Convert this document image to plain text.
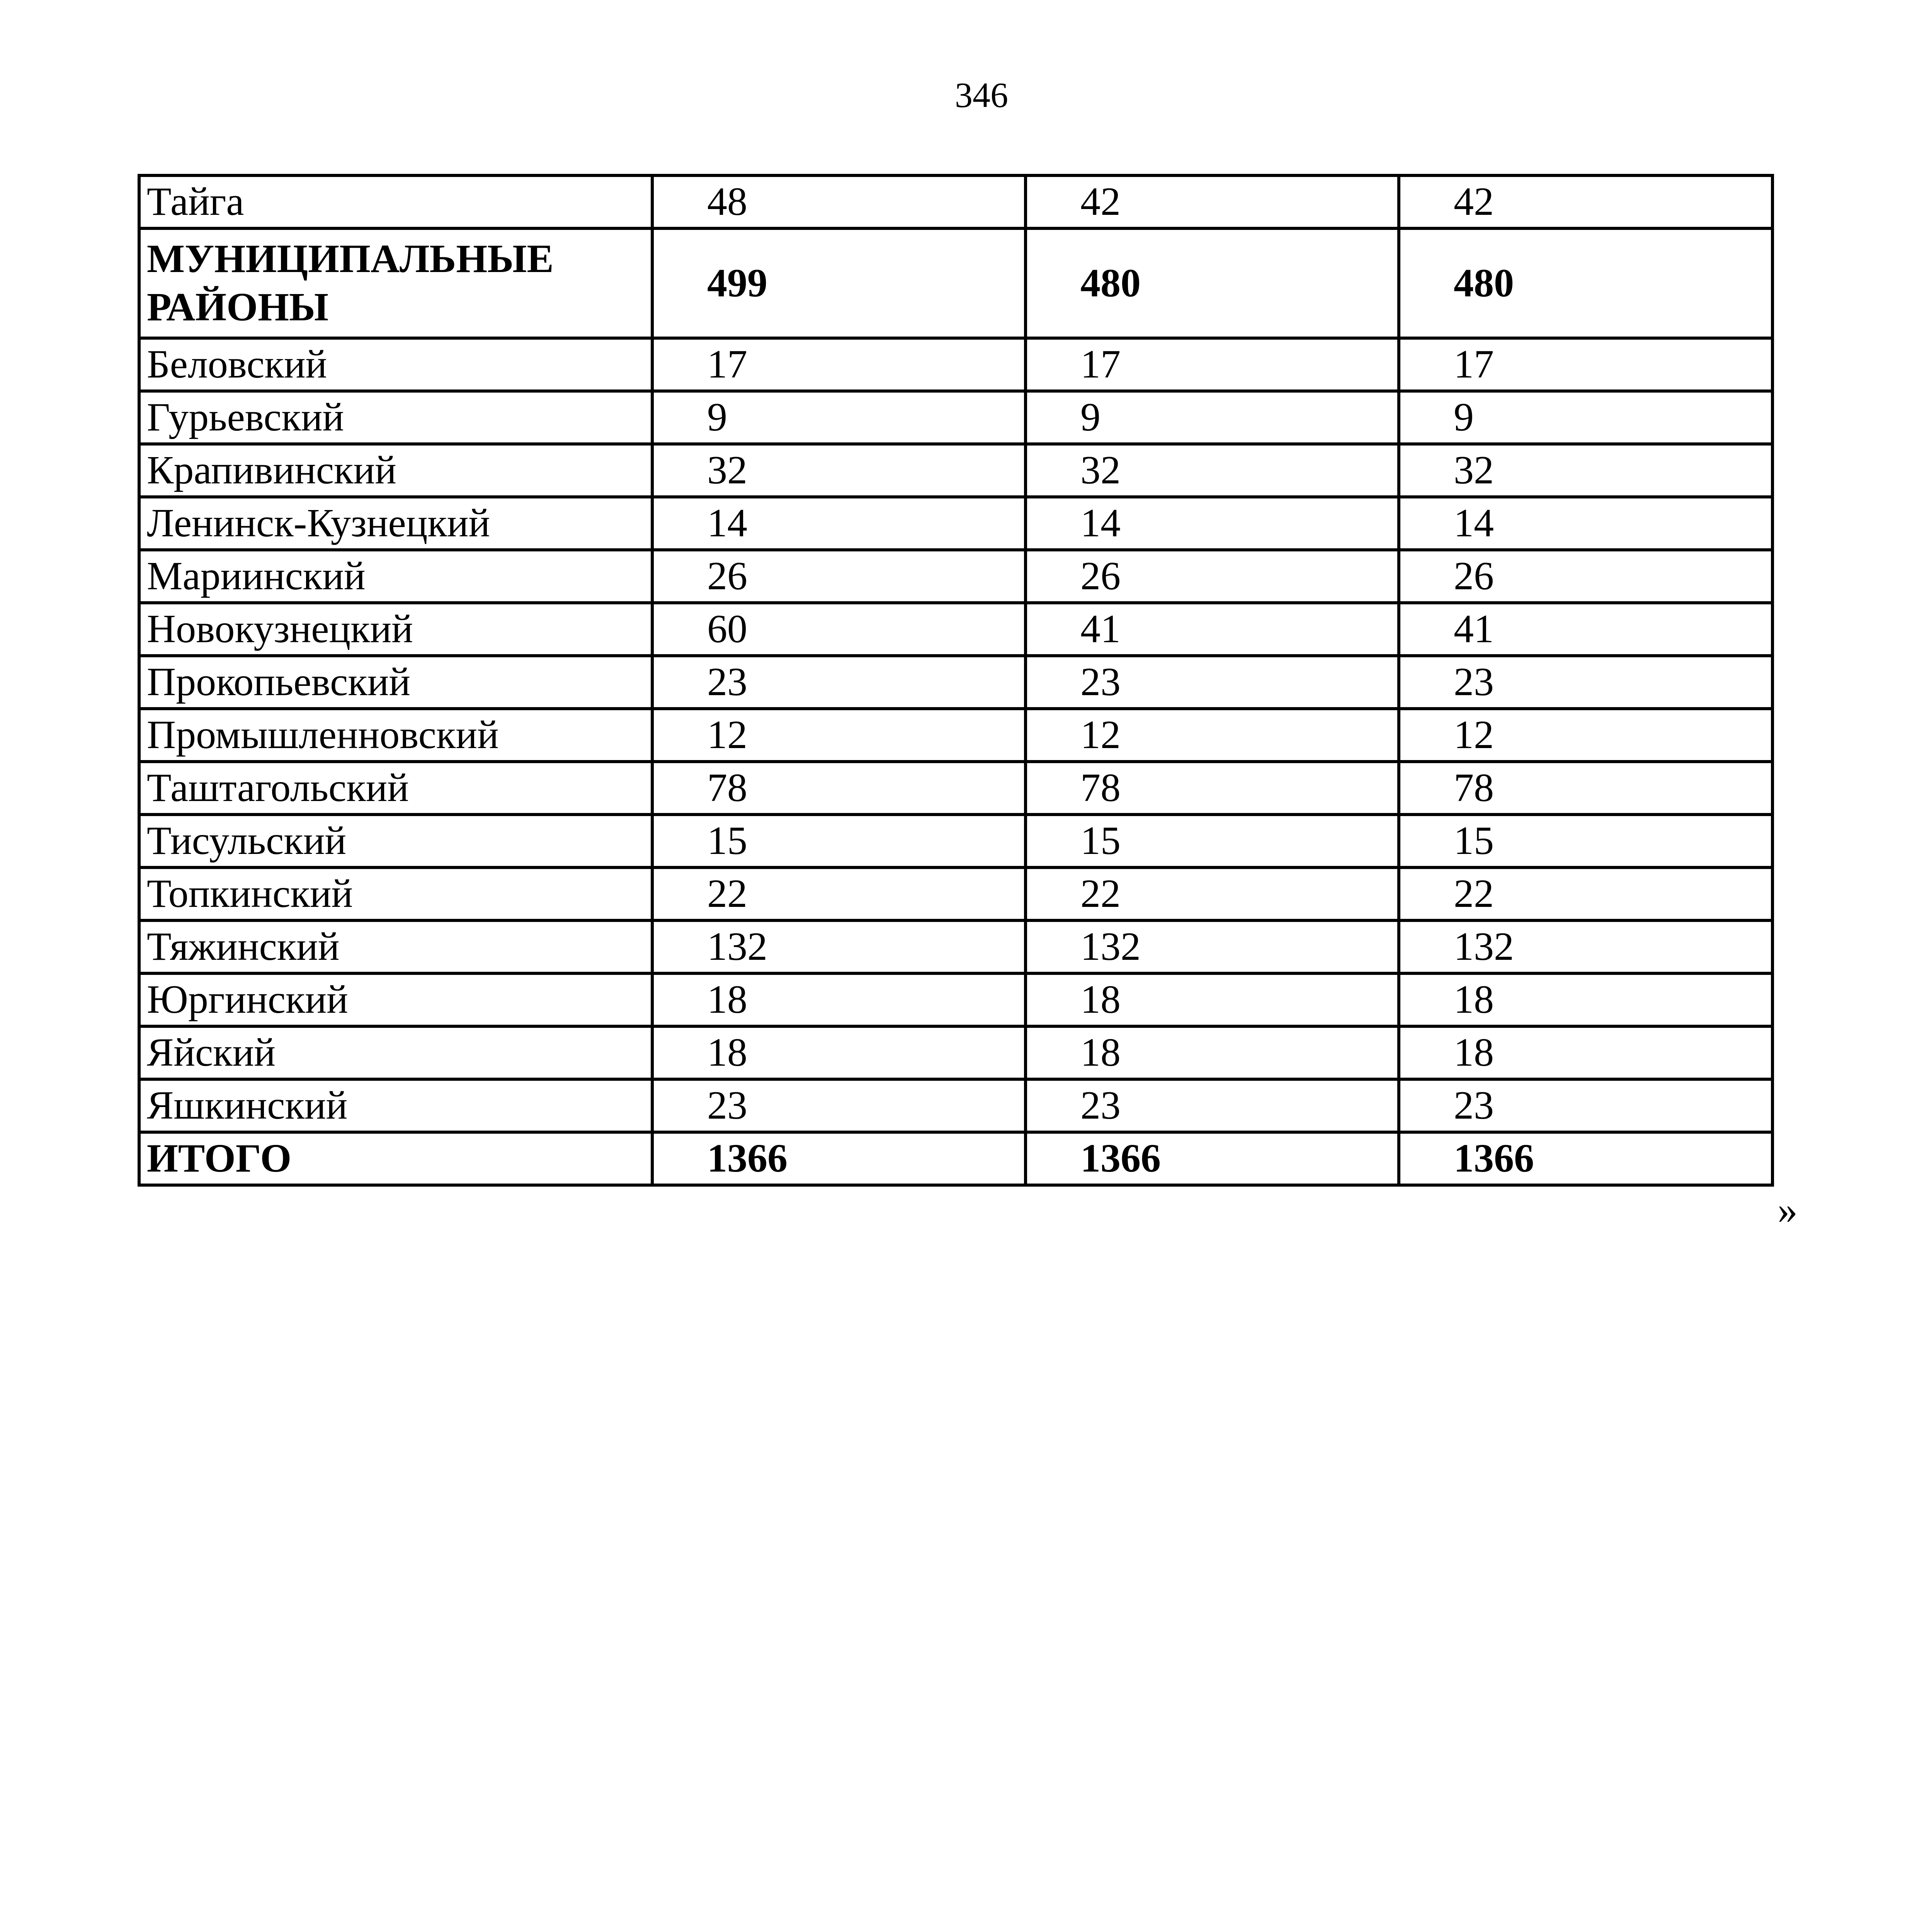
346
Тайга	48	42	42
МУНИЦИПАЛЬНЫЕ РАЙОНЫ	499	480	480
Беловский	17	17	17
Гурьевский	9	9	9
Крапивинский	32	32	32
Ленинск-Кузнецкий	14	14	14
Мариинский	26	26	26
Новокузнецкий	60	41	41
Прокопьевский	23	23	23
Промышленновский	12	12	12
Таштагольский	78	78	78
Тисульский	15	15	15
Топкинский	22	22	22
Тяжинский	132	132	132
Юргинский	18	18	18
Яйский	18	18	18
Яшкинский	23	23	23
ИТОГО	1366	1366	1366
»
